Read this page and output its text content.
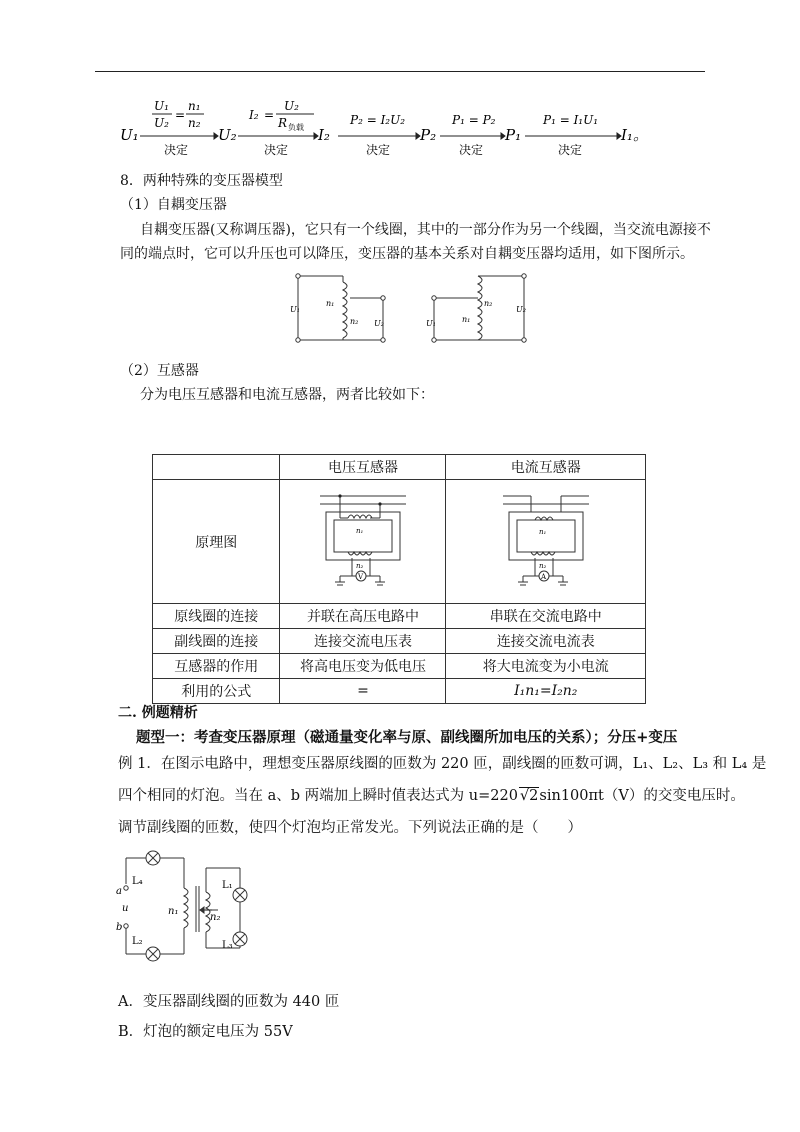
U₁	U₂	I₂	P₂	P₁	I₁。
决定	决定	决定	决定	决定
U₁
U₂
=
n₁
n₂
I₂ =
U₂
R 负载
P₂ = I₂U₂	P₁ = P₂	P₁ = I₁U₁
8．两种特殊的变压器模型
（1）自耦变压器
自耦变压器(又称调压器)，它只有一个线圈，其中的一部分作为另一个线圈，当交流电源接不
同的端点时，它可以升压也可以降压，变压器的基本关系对自耦变压器均适用，如下图所示。
U₁
n₁
n₂ U₂	U₁	n₁
n₂
U₂
（2）互感器
分为电压互感器和电流互感器，两者比较如下：
	电压互感器	电流互感器
原理图	n₁
n₂
V	n₁
n₂
A

原线圈的连接	并联在高压电路中	串联在交流电路中
副线圈的连接	连接交流电压表	连接交流电流表
互感器的作用	将高电压变为低电压	将大电流变为小电流
利用的公式	=	I₁n₁=I₂n₂
二. 例题精析
题型一：考查变压器原理（磁通量变化率与原、副线圈所加电压的关系）；分压+变压
例 1．在图示电路中，理想变压器原线圈的匝数为 220 匝，副线圈的匝数可调，L₁、L₂、L₃ 和 L₄ 是
四个相同的灯泡。当在 a、b 两端加上瞬时值表达式为 u=220 √2sin100πt（V）的交变电压时。
调节副线圈的匝数，使四个灯泡均正常发光。下列说法正确的是（　　）
L₄
a
u
b
L₂
n₁
n₂
L₁
L₃
A．变压器副线圈的匝数为 440 匝
B．灯泡的额定电压为 55V
